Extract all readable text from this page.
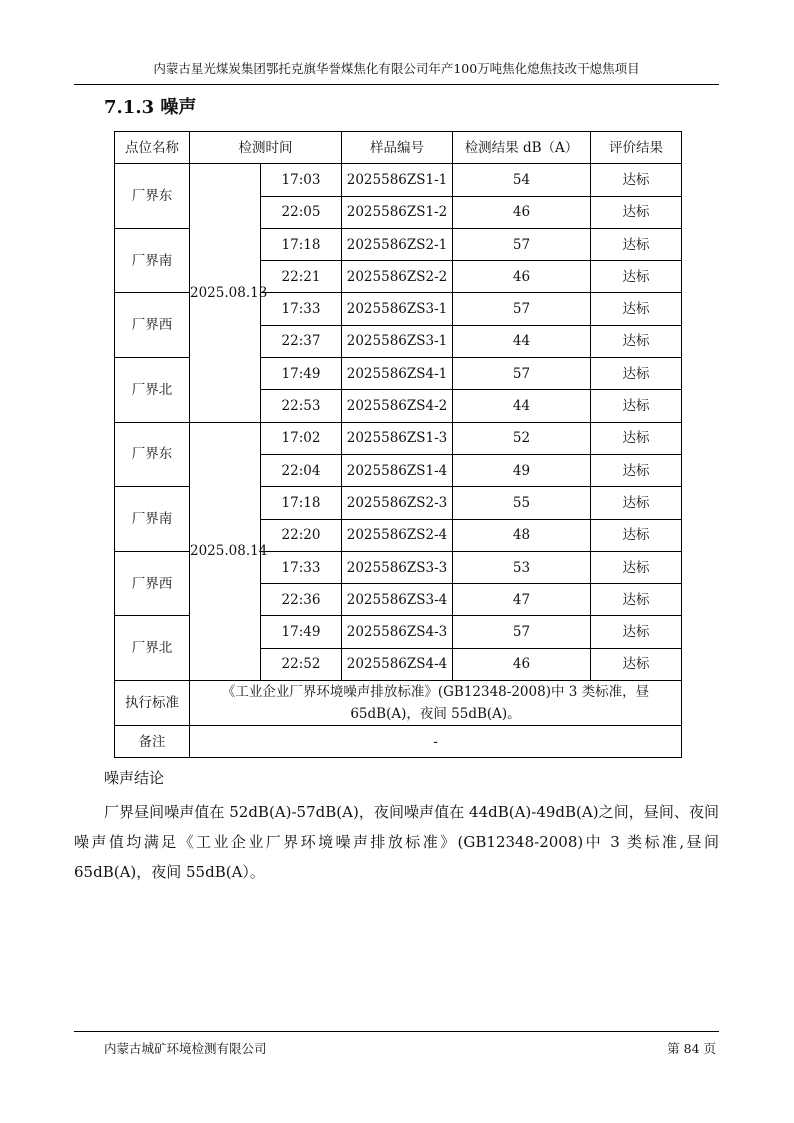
内蒙古星光煤炭集团鄂托克旗华誉煤焦化有限公司年产100万吨焦化熄焦技改干熄焦项目
7.1.3 噪声
点位名称	检测时间		样品编号	检测结果 dB（A）	评价结果
厂界东	2025.08.13	17:03	2025586ZS1-1	54	达标
		22:05	2025586ZS1-2	46	达标
厂界南		17:18	2025586ZS2-1	57	达标
		22:21	2025586ZS2-2	46	达标
厂界西		17:33	2025586ZS3-1	57	达标
		22:37	2025586ZS3-1	44	达标
厂界北		17:49	2025586ZS4-1	57	达标
		22:53	2025586ZS4-2	44	达标
厂界东	2025.08.14	17:02	2025586ZS1-3	52	达标
		22:04	2025586ZS1-4	49	达标
厂界南		17:18	2025586ZS2-3	55	达标
		22:20	2025586ZS2-4	48	达标
厂界西		17:33	2025586ZS3-3	53	达标
		22:36	2025586ZS3-4	47	达标
厂界北		17:49	2025586ZS4-3	57	达标
		22:52	2025586ZS4-4	46	达标
执行标准	《工业企业厂界环境噪声排放标准》(GB12348-2008)中 3 类标准，昼 65dB(A)，夜间 55dB(A)。				
备注	-				
噪声结论
厂界昼间噪声值在 52dB(A)-57dB(A)，夜间噪声值在 44dB(A)-49dB(A)之间，昼间、夜间噪声值均满足《工业企业厂界环境噪声排放标准》(GB12348-2008)中 3 类标准,昼间 65dB(A)，夜间 55dB(A）。
内蒙古城矿环境检测有限公司	第 84 页
